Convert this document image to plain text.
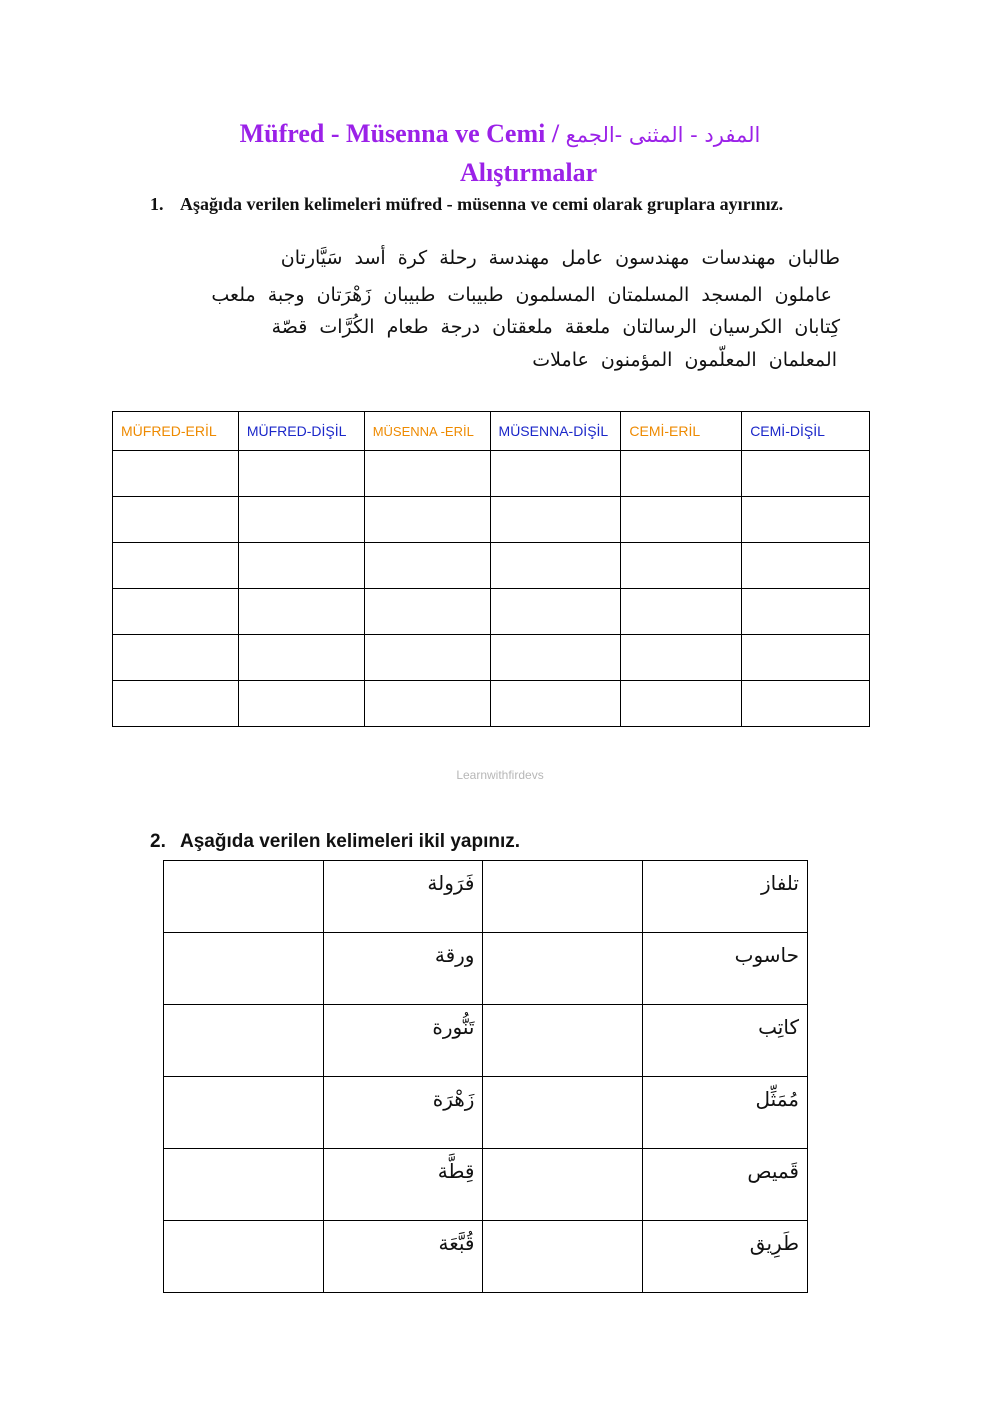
Müfred - Müsenna ve Cemi / المفرد - المثنى -الجمع
Alıştırmalar
1. Aşağıda verilen kelimeleri müfred - müsenna ve cemi olarak gruplara ayırınız.
طالبان مهندسات مهندسون عامل مهندسة رحلة كرة أسد سَيَّارتان
عاملون المسجد المسلمتان المسلمون طبيبات طبيبان زَهْرَتان وجبة ملعب
كِتابان الكرسيان الرسالتان ملعقة ملعقتان درجة طعام الكُرَّات قصّة
المعلمان المعلّمون المؤمنون عاملات
MÜFRED-ERİL	MÜFRED-DİŞİL	MÜSENNA -ERİL	MÜSENNA-DİŞİL	CEMİ-ERİL	CEMİ-DİŞİL

Learnwithfirdevs
2. Aşağıda verilen kelimeleri ikil yapınız.
	فَرَولة		تلفاز
	ورقة		حاسوب
	تَنُّورة		كاتِب
	زَهْرَة		مُمَثِّل
	قِطَّة		قَميص
	قُبَّعَة		طَرِيق
